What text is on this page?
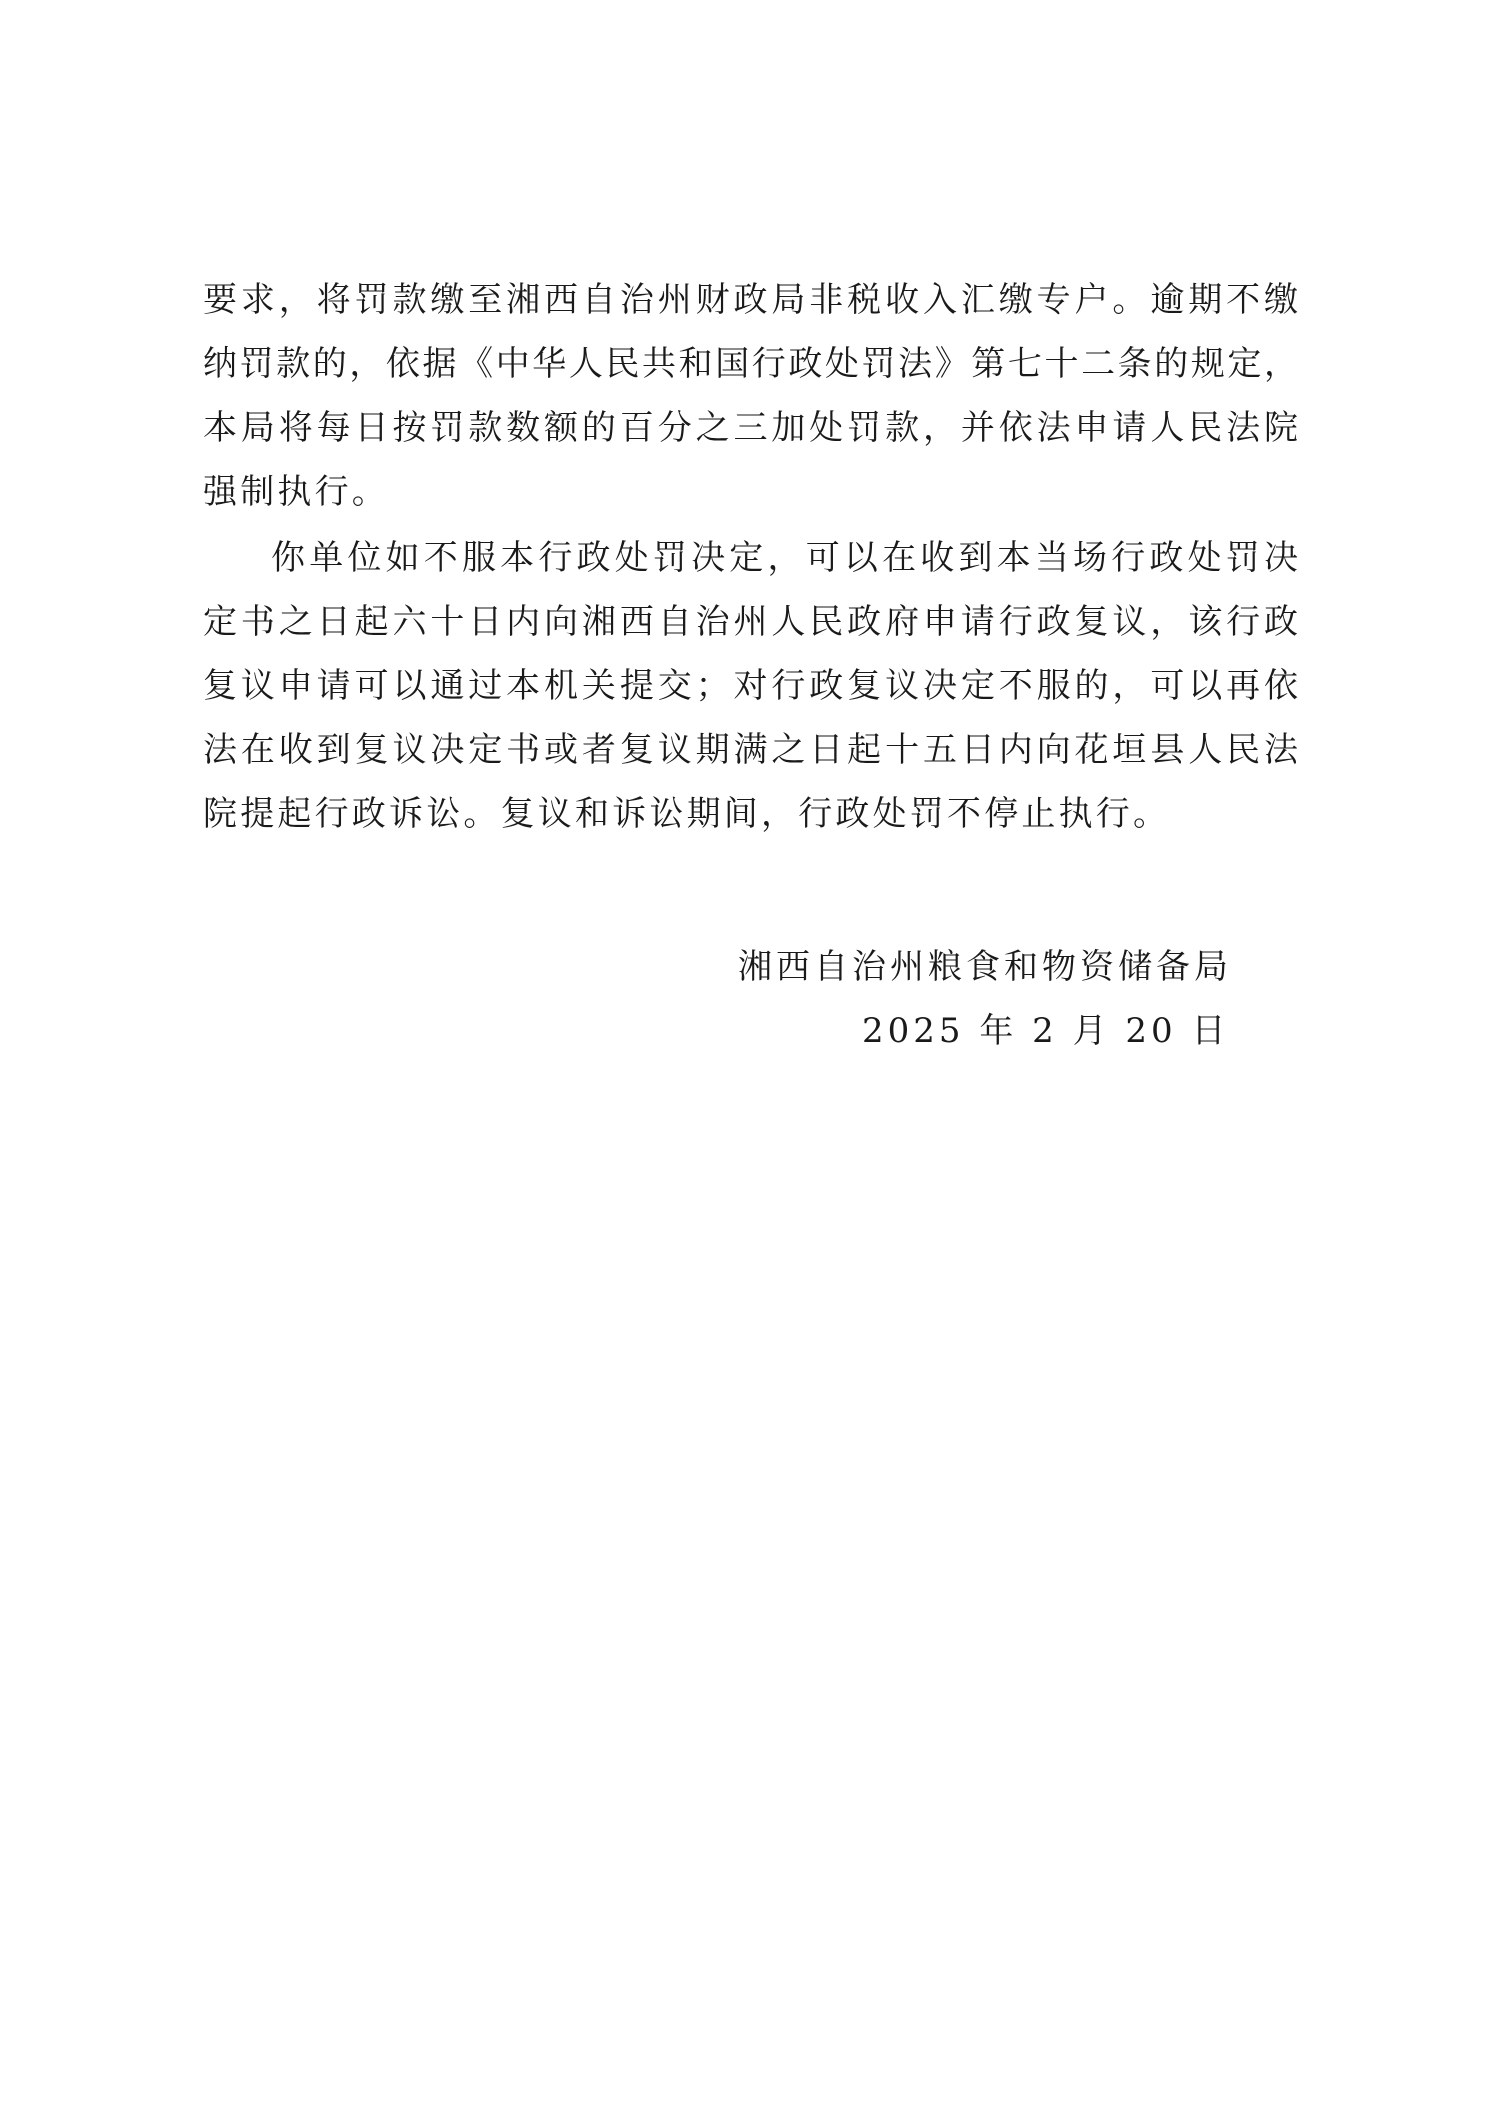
要求，将罚款缴至湘西自治州财政局非税收入汇缴专户。逾期不缴
纳罚款的，依据《中华人民共和国行政处罚法》第七十二条的规定，
本局将每日按罚款数额的百分之三加处罚款，并依法申请人民法院
强制执行。
你单位如不服本行政处罚决定，可以在收到本当场行政处罚决
定书之日起六十日内向湘西自治州人民政府申请行政复议，该行政
复议申请可以通过本机关提交；对行政复议决定不服的，可以再依
法在收到复议决定书或者复议期满之日起十五日内向花垣县人民法
院提起行政诉讼。复议和诉讼期间，行政处罚不停止执行。
湘西自治州粮食和物资储备局
2025 年 2 月 20 日
